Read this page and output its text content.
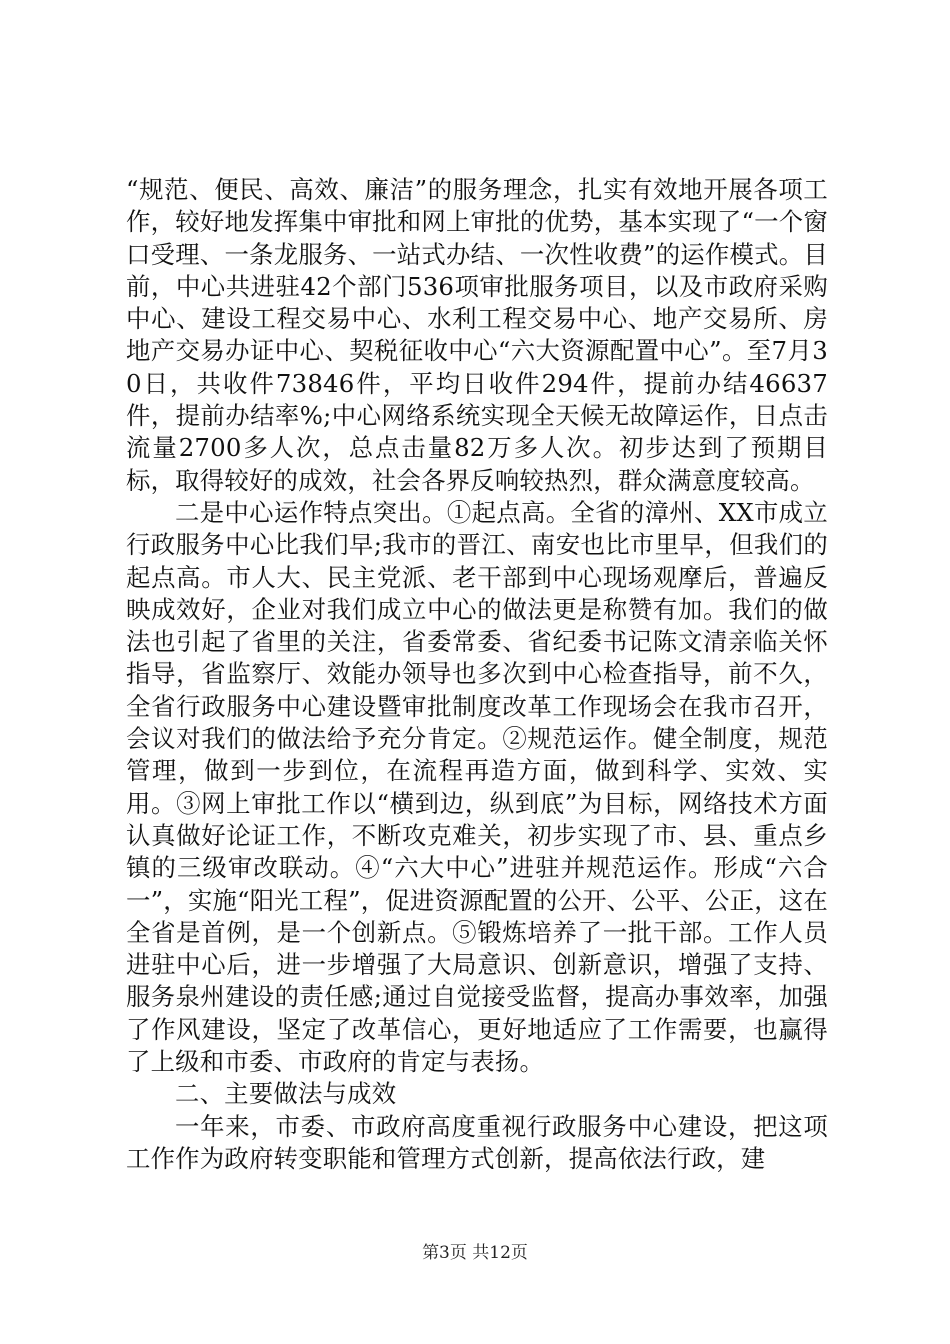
“规范、便民、高效、廉洁”的服务理念，扎实有效地开展各项工作，较好地发挥集中审批和网上审批的优势，基本实现了“一个窗口受理、一条龙服务、一站式办结、一次性收费”的运作模式。目前，中心共进驻42个部门536项审批服务项目，以及市政府采购中心、建设工程交易中心、水利工程交易中心、地产交易所、房地产交易办证中心、契税征收中心“六大资源配置中心”。至7月30日，共收件73846件，平均日收件294件，提前办结46637件，提前办结率%;中心网络系统实现全天候无故障运作，日点击流量2700多人次，总点击量82万多人次。初步达到了预期目标，取得较好的成效，社会各界反响较热烈，群众满意度较高。

二是中心运作特点突出。①起点高。全省的漳州、XX市成立行政服务中心比我们早;我市的晋江、南安也比市里早，但我们的起点高。市人大、民主党派、老干部到中心现场观摩后，普遍反映成效好，企业对我们成立中心的做法更是称赞有加。我们的做法也引起了省里的关注，省委常委、省纪委书记陈文清亲临关怀指导，省监察厅、效能办领导也多次到中心检查指导，前不久，全省行政服务中心建设暨审批制度改革工作现场会在我市召开，会议对我们的做法给予充分肯定。②规范运作。健全制度，规范管理，做到一步到位，在流程再造方面，做到科学、实效、实用。③网上审批工作以“横到边，纵到底”为目标，网络技术方面认真做好论证工作，不断攻克难关，初步实现了市、县、重点乡镇的三级审改联动。④“六大中心”进驻并规范运作。形成“六合一”，实施“阳光工程”，促进资源配置的公开、公平、公正，这在全省是首例，是一个创新点。⑤锻炼培养了一批干部。工作人员进驻中心后，进一步增强了大局意识、创新意识，增强了支持、服务泉州建设的责任感;通过自觉接受监督，提高办事效率，加强了作风建设，坚定了改革信心，更好地适应了工作需要，也赢得了上级和市委、市政府的肯定与表扬。

二、主要做法与成效

一年来，市委、市政府高度重视行政服务中心建设，把这项工作作为政府转变职能和管理方式创新，提高依法行政，建

第3页 共12页
